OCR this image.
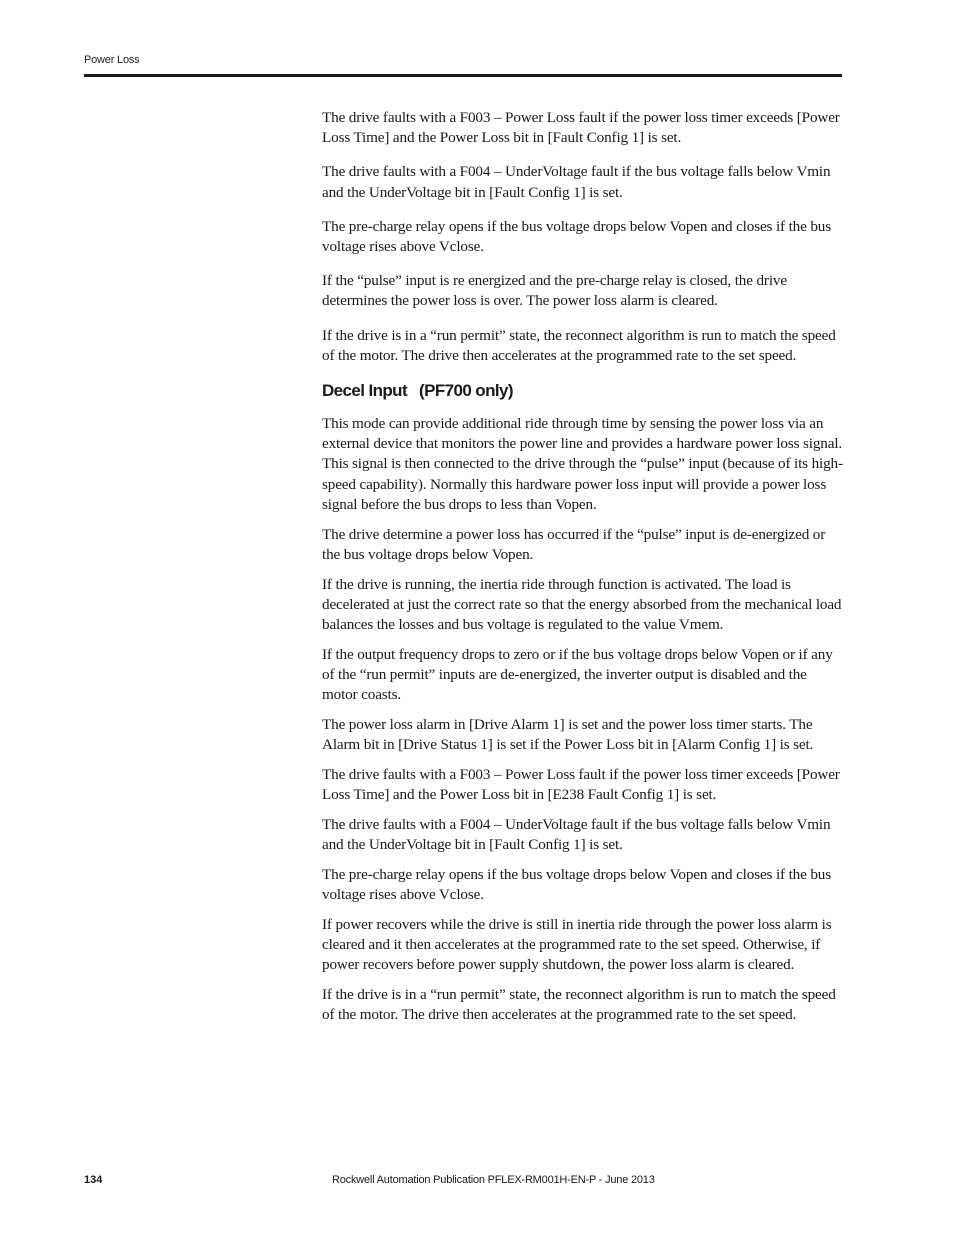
Power Loss

The drive faults with a F003 – Power Loss fault if the power loss timer exceeds [Power Loss Time] and the Power Loss bit in [Fault Config 1] is set.

The drive faults with a F004 – UnderVoltage fault if the bus voltage falls below Vmin and the UnderVoltage bit in [Fault Config 1] is set.

The pre-charge relay opens if the bus voltage drops below Vopen and closes if the bus voltage rises above Vclose.

If the “pulse” input is re energized and the pre-charge relay is closed, the drive determines the power loss is over. The power loss alarm is cleared.

If the drive is in a “run permit” state, the reconnect algorithm is run to match the speed of the motor. The drive then accelerates at the programmed rate to the set speed.

Decel Input (PF700 only)

This mode can provide additional ride through time by sensing the power loss via an external device that monitors the power line and provides a hardware power loss signal. This signal is then connected to the drive through the “pulse” input (because of its high-speed capability). Normally this hardware power loss input will provide a power loss signal before the bus drops to less than Vopen.

The drive determine a power loss has occurred if the “pulse” input is de-energized or the bus voltage drops below Vopen.

If the drive is running, the inertia ride through function is activated. The load is decelerated at just the correct rate so that the energy absorbed from the mechanical load balances the losses and bus voltage is regulated to the value Vmem.

If the output frequency drops to zero or if the bus voltage drops below Vopen or if any of the “run permit” inputs are de-energized, the inverter output is disabled and the motor coasts.

The power loss alarm in [Drive Alarm 1] is set and the power loss timer starts. The Alarm bit in [Drive Status 1] is set if the Power Loss bit in [Alarm Config 1] is set.

The drive faults with a F003 – Power Loss fault if the power loss timer exceeds [Power Loss Time] and the Power Loss bit in [E238 Fault Config 1] is set.

The drive faults with a F004 – UnderVoltage fault if the bus voltage falls below Vmin and the UnderVoltage bit in [Fault Config 1] is set.

The pre-charge relay opens if the bus voltage drops below Vopen and closes if the bus voltage rises above Vclose.

If power recovers while the drive is still in inertia ride through the power loss alarm is cleared and it then accelerates at the programmed rate to the set speed. Otherwise, if power recovers before power supply shutdown, the power loss alarm is cleared.

If the drive is in a “run permit” state, the reconnect algorithm is run to match the speed of the motor. The drive then accelerates at the programmed rate to the set speed.

134	Rockwell Automation Publication PFLEX-RM001H-EN-P - June 2013
